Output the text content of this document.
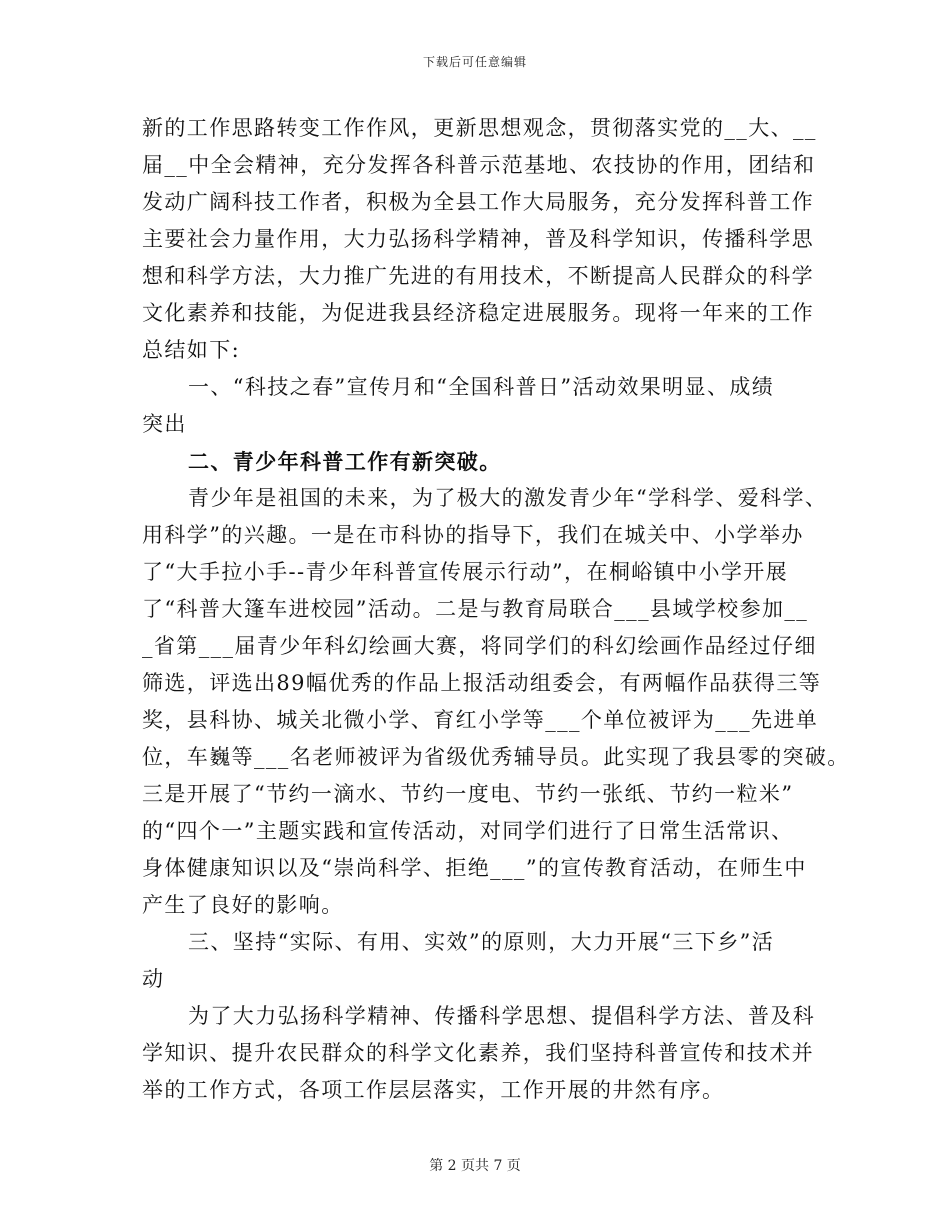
下载后可任意编辑
新的工作思路转变工作作风，更新思想观念，贯彻落实党的__大、__
届__中全会精神，充分发挥各科普示范基地、农技协的作用，团结和
发动广阔科技工作者，积极为全县工作大局服务，充分发挥科普工作
主要社会力量作用，大力弘扬科学精神，普及科学知识，传播科学思
想和科学方法，大力推广先进的有用技术，不断提高人民群众的科学
文化素养和技能，为促进我县经济稳定进展服务。现将一年来的工作
总结如下:
一、“科技之春”宣传月和“全国科普日”活动效果明显、成绩
突出
二、青少年科普工作有新突破。
青少年是祖国的未来，为了极大的激发青少年“学科学、爱科学、
用科学”的兴趣。一是在市科协的指导下，我们在城关中、小学举办
了“大手拉小手--青少年科普宣传展示行动”，在桐峪镇中小学开展
了“科普大篷车进校园”活动。二是与教育局联合___县域学校参加__
_省第___届青少年科幻绘画大赛，将同学们的科幻绘画作品经过仔细
筛选，评选出89幅优秀的作品上报活动组委会，有两幅作品获得三等
奖，县科协、城关北微小学、育红小学等___个单位被评为___先进单
位，车巍等___名老师被评为省级优秀辅导员。此实现了我县零的突破。
三是开展了“节约一滴水、节约一度电、节约一张纸、节约一粒米”
的“四个一”主题实践和宣传活动，对同学们进行了日常生活常识、
身体健康知识以及“崇尚科学、拒绝___”的宣传教育活动，在师生中
产生了良好的影响。
三、坚持“实际、有用、实效”的原则，大力开展“三下乡”活
动
为了大力弘扬科学精神、传播科学思想、提倡科学方法、普及科
学知识、提升农民群众的科学文化素养，我们坚持科普宣传和技术并
举的工作方式，各项工作层层落实，工作开展的井然有序。
第 2 页共 7 页
